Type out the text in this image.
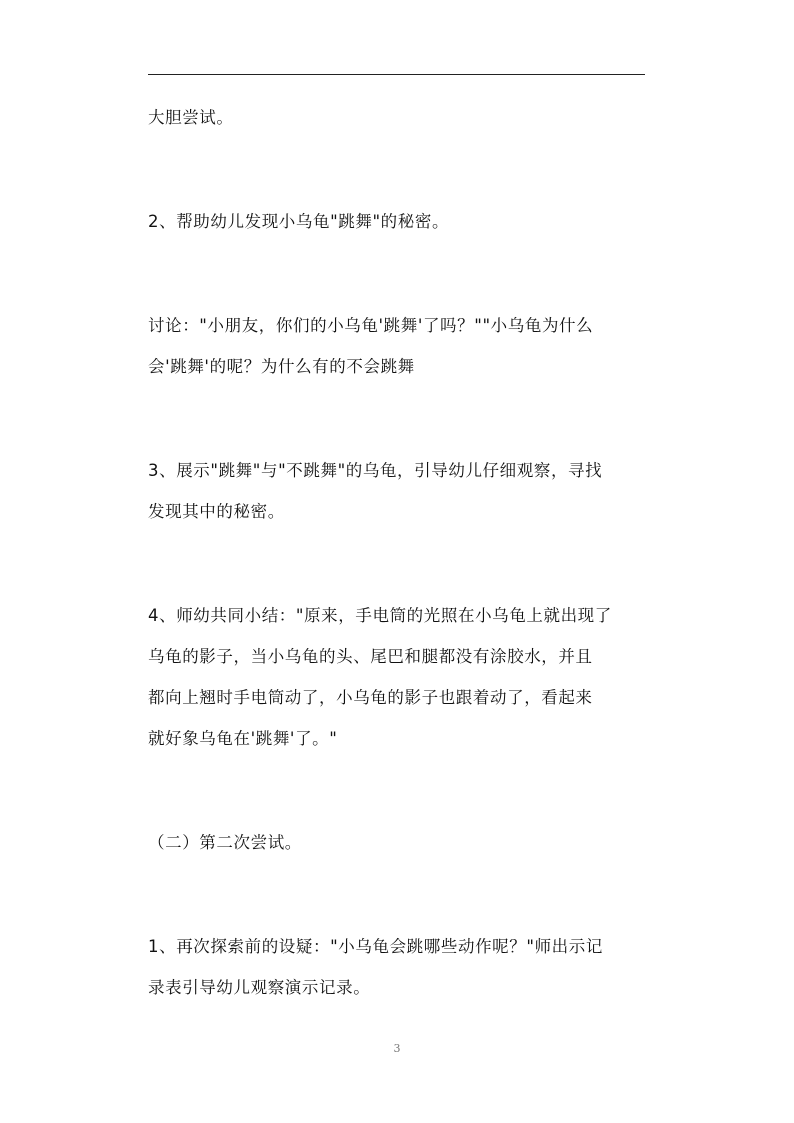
大胆尝试。
2、帮助幼儿发现小乌龟"跳舞"的秘密。
讨论："小朋友，你们的小乌龟'跳舞'了吗？""小乌龟为什么
会'跳舞'的呢？为什么有的不会跳舞
3、展示"跳舞"与"不跳舞"的乌龟，引导幼儿仔细观察，寻找
发现其中的秘密。
4、师幼共同小结："原来，手电筒的光照在小乌龟上就出现了
乌龟的影子，当小乌龟的头、尾巴和腿都没有涂胶水，并且
都向上翘时手电筒动了，小乌龟的影子也跟着动了，看起来
就好象乌龟在'跳舞'了。"
（二）第二次尝试。
1、再次探索前的设疑："小乌龟会跳哪些动作呢？"师出示记
录表引导幼儿观察演示记录。
3
